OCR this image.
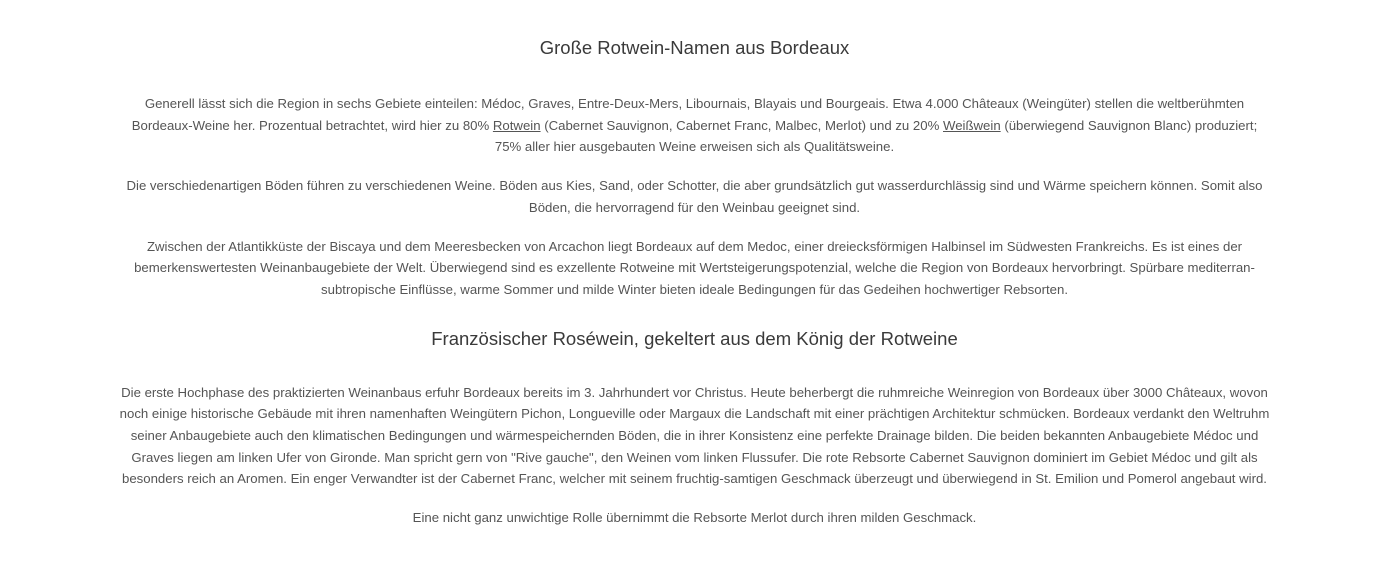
Große Rotwein-Namen aus Bordeaux

Generell lässt sich die Region in sechs Gebiete einteilen: Médoc, Graves, Entre-Deux-Mers, Libournais, Blayais und Bourgeais. Etwa 4.000 Châteaux (Weingüter) stellen die weltberühmten Bordeaux-Weine her. Prozentual betrachtet, wird hier zu 80% Rotwein (Cabernet Sauvignon, Cabernet Franc, Malbec, Merlot) und zu 20% Weißwein (überwiegend Sauvignon Blanc) produziert; 75% aller hier ausgebauten Weine erweisen sich als Qualitätsweine.

Die verschiedenartigen Böden führen zu verschiedenen Weine. Böden aus Kies, Sand, oder Schotter, die aber grundsätzlich gut wasserdurchlässig sind und Wärme speichern können. Somit also Böden, die hervorragend für den Weinbau geeignet sind.

Zwischen der Atlantikküste der Biscaya und dem Meeresbecken von Arcachon liegt Bordeaux auf dem Medoc, einer dreiecksförmigen Halbinsel im Südwesten Frankreichs. Es ist eines der bemerkenswertesten Weinanbaugebiete der Welt. Überwiegend sind es exzellente Rotweine mit Wertsteigerungspotenzial, welche die Region von Bordeaux hervorbringt. Spürbare mediterran-subtropische Einflüsse, warme Sommer und milde Winter bieten ideale Bedingungen für das Gedeihen hochwertiger Rebsorten.

Französischer Roséwein, gekeltert aus dem König der Rotweine

Die erste Hochphase des praktizierten Weinanbaus erfuhr Bordeaux bereits im 3. Jahrhundert vor Christus. Heute beherbergt die ruhmreiche Weinregion von Bordeaux über 3000 Châteaux, wovon noch einige historische Gebäude mit ihren namenhaften Weingütern Pichon, Longueville oder Margaux die Landschaft mit einer prächtigen Architektur schmücken. Bordeaux verdankt den Weltruhm seiner Anbaugebiete auch den klimatischen Bedingungen und wärmespeichernden Böden, die in ihrer Konsistenz eine perfekte Drainage bilden. Die beiden bekannten Anbaugebiete Médoc und Graves liegen am linken Ufer von Gironde. Man spricht gern von "Rive gauche", den Weinen vom linken Flussufer. Die rote Rebsorte Cabernet Sauvignon dominiert im Gebiet Médoc und gilt als besonders reich an Aromen. Ein enger Verwandter ist der Cabernet Franc, welcher mit seinem fruchtig-samtigen Geschmack überzeugt und überwiegend in St. Emilion und Pomerol angebaut wird.

Eine nicht ganz unwichtige Rolle übernimmt die Rebsorte Merlot durch ihren milden Geschmack.
